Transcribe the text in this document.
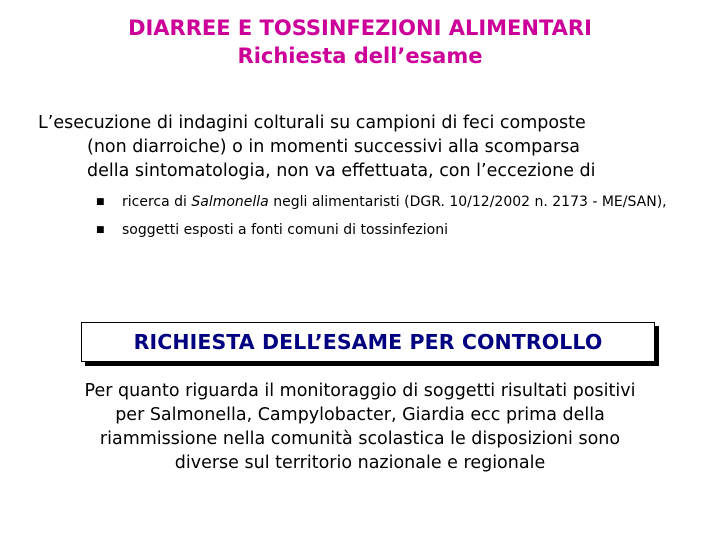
DIARREE E TOSSINFEZIONI ALIMENTARI
Richiesta dell’esame
L’esecuzione di indagini colturali su campioni di feci composte
(non diarroiche) o in momenti successivi alla scomparsa
della sintomatologia, non va effettuata, con l’eccezione di
■	ricerca di Salmonella negli alimentaristi (DGR. 10/12/2002 n. 2173 - ME/SAN),
■	soggetti esposti a fonti comuni di tossinfezioni
RICHIESTA DELL’ESAME PER CONTROLLO
Per quanto riguarda il monitoraggio di soggetti risultati positivi
per Salmonella, Campylobacter, Giardia ecc prima della
riammissione nella comunità scolastica le disposizioni sono
diverse sul territorio nazionale e regionale
